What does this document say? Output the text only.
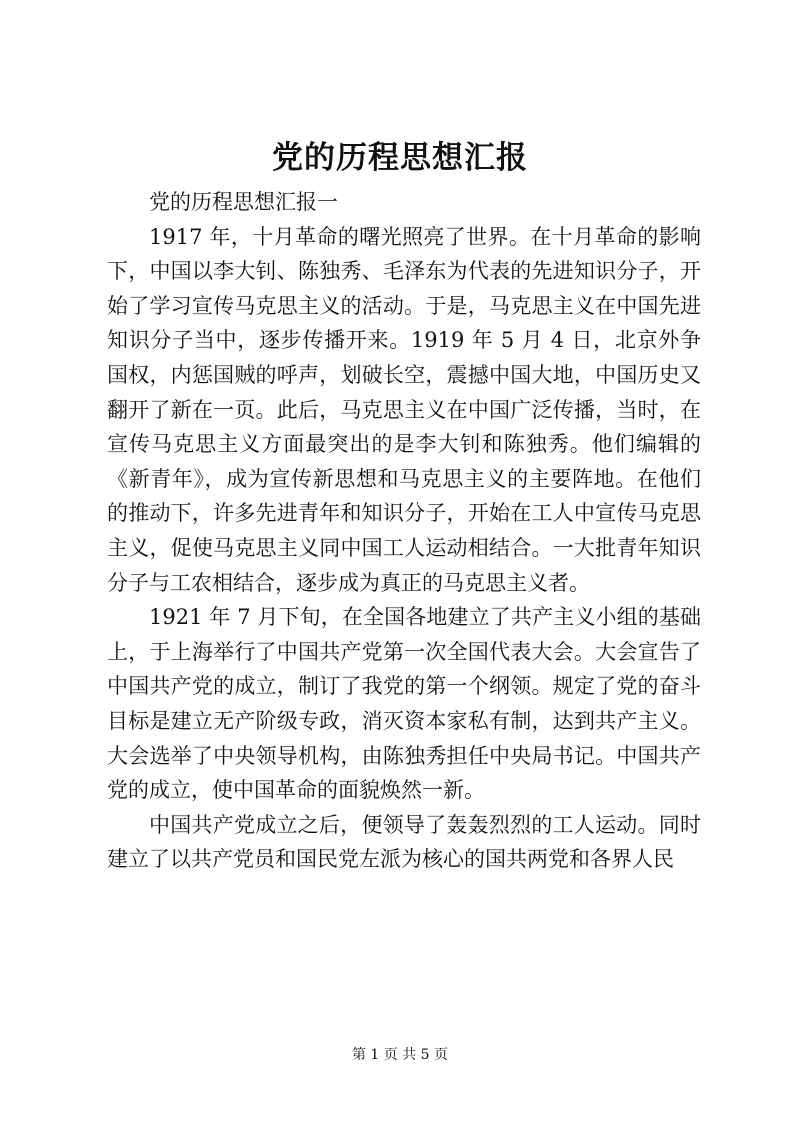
党的历程思想汇报

党的历程思想汇报一

1917 年，十月革命的曙光照亮了世界。在十月革命的影响下，中国以李大钊、陈独秀、毛泽东为代表的先进知识分子，开始了学习宣传马克思主义的活动。于是，马克思主义在中国先进知识分子当中，逐步传播开来。1919 年 5 月 4 日，北京外争国权，内惩国贼的呼声，划破长空，震撼中国大地，中国历史又翻开了新在一页。此后，马克思主义在中国广泛传播，当时，在宣传马克思主义方面最突出的是李大钊和陈独秀。他们编辑的《新青年》，成为宣传新思想和马克思主义的主要阵地。在他们的推动下，许多先进青年和知识分子，开始在工人中宣传马克思主义，促使马克思主义同中国工人运动相结合。一大批青年知识分子与工农相结合，逐步成为真正的马克思主义者。

1921 年 7 月下旬，在全国各地建立了共产主义小组的基础上，于上海举行了中国共产党第一次全国代表大会。大会宣告了中国共产党的成立，制订了我党的第一个纲领。规定了党的奋斗目标是建立无产阶级专政，消灭资本家私有制，达到共产主义。大会选举了中央领导机构，由陈独秀担任中央局书记。中国共产党的成立，使中国革命的面貌焕然一新。

中国共产党成立之后，便领导了轰轰烈烈的工人运动。同时建立了以共产党员和国民党左派为核心的国共两党和各界人民

第 1 页 共 5 页
